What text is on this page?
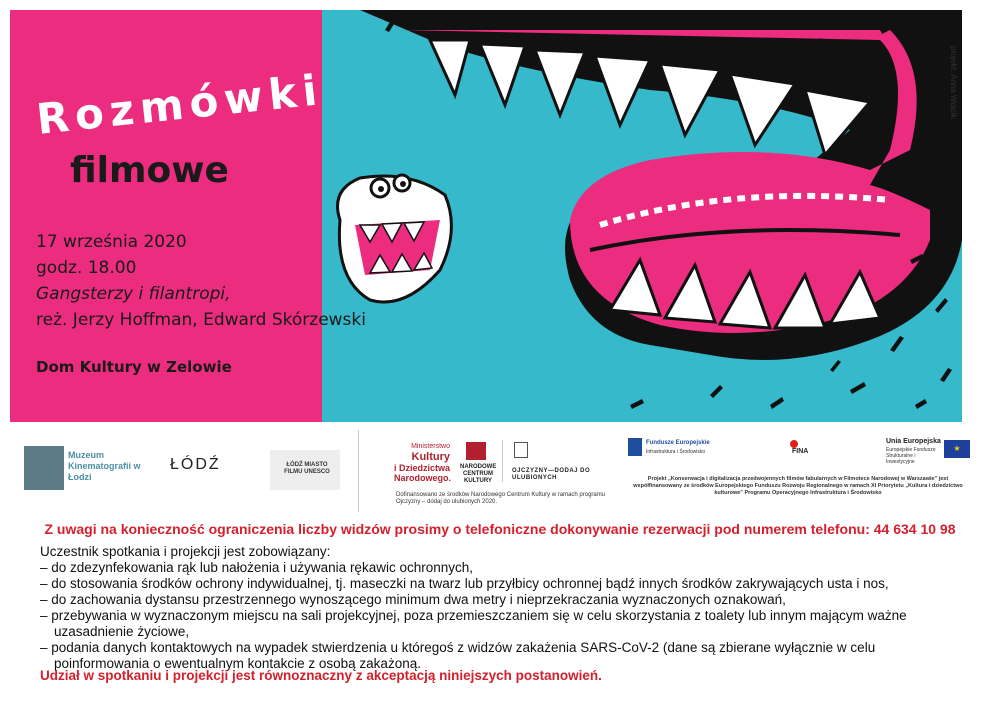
Rozmówki
filmowe
17 września 2020
godz. 18.00
Gangsterzy i filantropi,
reż. Jerzy Hoffman, Edward Skórzewski
Dom Kultury w Zelowie
projekt: Anna Wojcik
Muzeum Kinematografii w Łodzi
ŁÓDŹ	ŁÓDŹ MIASTO FILMU UNESCO
Ministerstwo
Kultury
i Dziedzictwa
Narodowego.
NARODOWE CENTRUM KULTURY
OJCZYZNY—DODAJ DO ULUBIONYCH
Dofinansowano ze środków Narodowego Centrum Kultury w ramach programu Ojczyzny – dodaj do ulubionych 2020.
Fundusze Europejskie
Infrastruktura i Środowisko	FINA
Unia Europejska
Europejskie Fundusze Strukturalne i Inwestycyjne
★
Projekt „Konserwacja i digitalizacja przedwojennych filmów fabularnych w Filmotece Narodowej w Warszawie" jest współfinansowany ze środków Europejskiego Funduszu Rozwoju Regionalnego w ramach XI Priorytetu „Kultura i dziedzictwo kulturowe" Programu Operacyjnego Infrastruktura i Środowisko
Z uwagi na konieczność ograniczenia liczby widzów prosimy o telefoniczne dokonywanie rezerwacji pod numerem telefonu: 44 634 10 98
Uczestnik spotkania i projekcji jest zobowiązany:
– do zdezynfekowania rąk lub nałożenia i używania rękawic ochronnych,
– do stosowania środków ochrony indywidualnej, tj. maseczki na twarz lub przyłbicy ochronnej bądź innych środków zakrywających usta i nos,
– do zachowania dystansu przestrzennego wynoszącego minimum dwa metry i nieprzekraczania wyznaczonych oznakowań,
– przebywania w wyznaczonym miejscu na sali projekcyjnej, poza przemieszczaniem się w celu skorzystania z toalety lub innym mającym ważne
uzasadnienie życiowe,
– podania danych kontaktowych na wypadek stwierdzenia u któregoś z widzów zakażenia SARS-CoV-2 (dane są zbierane wyłącznie w celu
poinformowania o ewentualnym kontakcie z osobą zakażoną.
Udział w spotkaniu i projekcji jest równoznaczny z akceptacją niniejszych postanowień.
